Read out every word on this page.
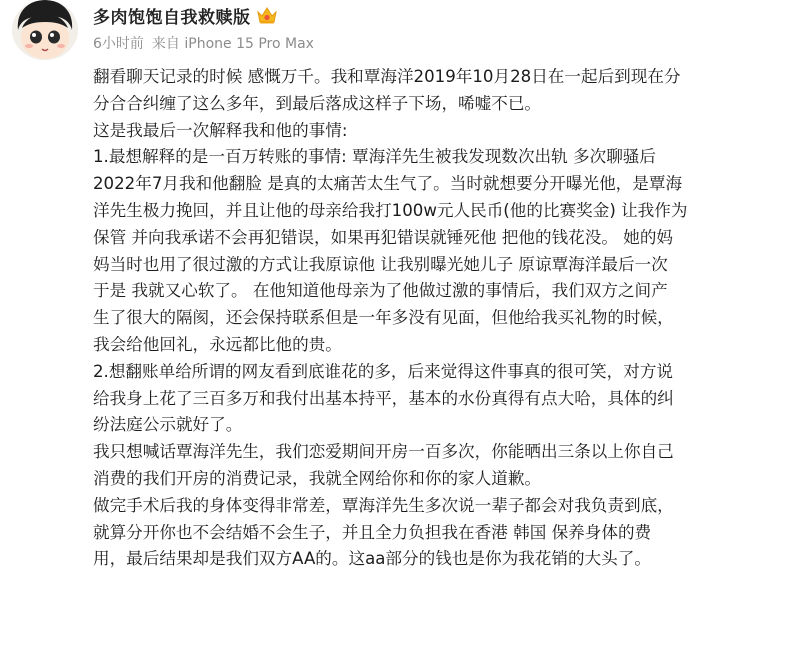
多肉饱饱自我救赎版
6小时前 来自 iPhone 15 Pro Max

翻看聊天记录的时候 感慨万千。我和覃海洋2019年10月28日在一起后到现在分

分合合纠缠了这么多年，到最后落成这样子下场，唏嘘不已。

这是我最后一次解释我和他的事情:

1.最想解释的是一百万转账的事情: 覃海洋先生被我发现数次出轨 多次聊骚后

2022年7月我和他翻脸 是真的太痛苦太生气了。当时就想要分开曝光他，是覃海

洋先生极力挽回，并且让他的母亲给我打100w元人民币(他的比赛奖金) 让我作为

保管 并向我承诺不会再犯错误，如果再犯错误就锤死他 把他的钱花没。 她的妈

妈当时也用了很过激的方式让我原谅他 让我别曝光她儿子 原谅覃海洋最后一次

于是 我就又心软了。 在他知道他母亲为了他做过激的事情后，我们双方之间产

生了很大的隔阂，还会保持联系但是一年多没有见面，但他给我买礼物的时候，

我会给他回礼，永远都比他的贵。

2.想翻账单给所谓的网友看到底谁花的多，后来觉得这件事真的很可笑，对方说

给我身上花了三百多万和我付出基本持平，基本的水份真得有点大哈，具体的纠

纷法庭公示就好了。

我只想喊话覃海洋先生，我们恋爱期间开房一百多次，你能晒出三条以上你自己

消费的我们开房的消费记录，我就全网给你和你的家人道歉。

做完手术后我的身体变得非常差，覃海洋先生多次说一辈子都会对我负责到底，

就算分开你也不会结婚不会生子，并且全力负担我在香港 韩国 保养身体的费

用，最后结果却是我们双方AA的。这aa部分的钱也是你为我花销的大头了。
